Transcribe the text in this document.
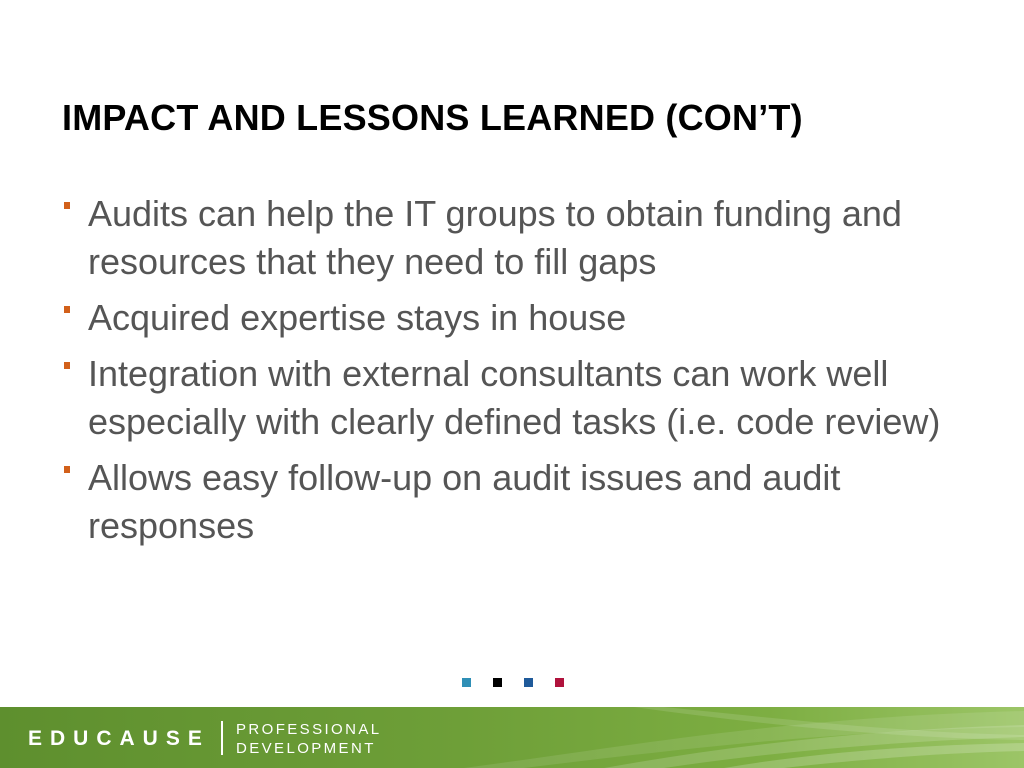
IMPACT AND LESSONS LEARNED (CON’T)
Audits can help the IT groups to obtain funding and resources that they need to fill gaps
Acquired expertise stays in house
Integration with external consultants can work well especially with clearly defined tasks (i.e. code review)
Allows easy follow-up on audit issues and audit responses
EDUCAUSE PROFESSIONAL
DEVELOPMENT
